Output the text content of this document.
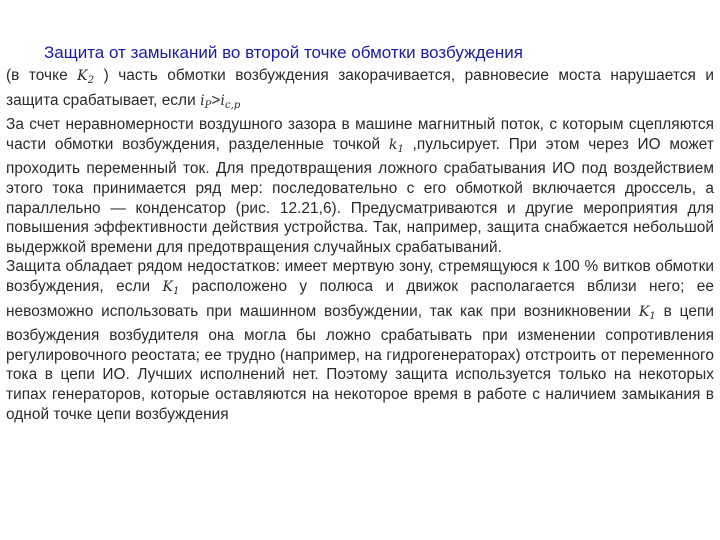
Защита от замыканий во второй точке обмотки возбуждения

(в точке $K_2$ ) часть обмотки возбуждения закорачивается, равновесие моста нарушается и защита срабатывает, если $i_P>i_{c,p}$

За счет неравномерности воздушного зазора в машине магнитный поток, с которым сцепляются части обмотки возбуждения, разделенные точкой $k_1$ ,пульсирует. При этом через ИО может проходить переменный ток. Для предотвращения ложного срабатывания ИО под воздействием этого тока принимается ряд мер: последовательно с его обмоткой включается дроссель, а параллельно — конденсатор (рис. 12.21,6). Предусматриваются и другие мероприятия для повышения эффективности действия устройства. Так, например, защита снабжается небольшой выдержкой времени для предотвращения случайных срабатываний.

Защита обладает рядом недостатков: имеет мертвую зону, стремящуюся к 100 % витков обмотки возбуждения, если $K_1$ расположено у полюса и движок располагается вблизи него; ее невозможно использовать при машинном возбуждении, так как при возникновении $K_1$ в цепи возбуждения возбудителя она могла бы ложно срабатывать при изменении сопротивления регулировочного реостата; ее трудно (например, на гидрогенераторах) отстроить от переменного тока в цепи ИО. Лучших исполнений нет. Поэтому защита используется только на некоторых типах генераторов, которые оставляются на некоторое время в работе с наличием замыкания в одной точке цепи возбуждения
